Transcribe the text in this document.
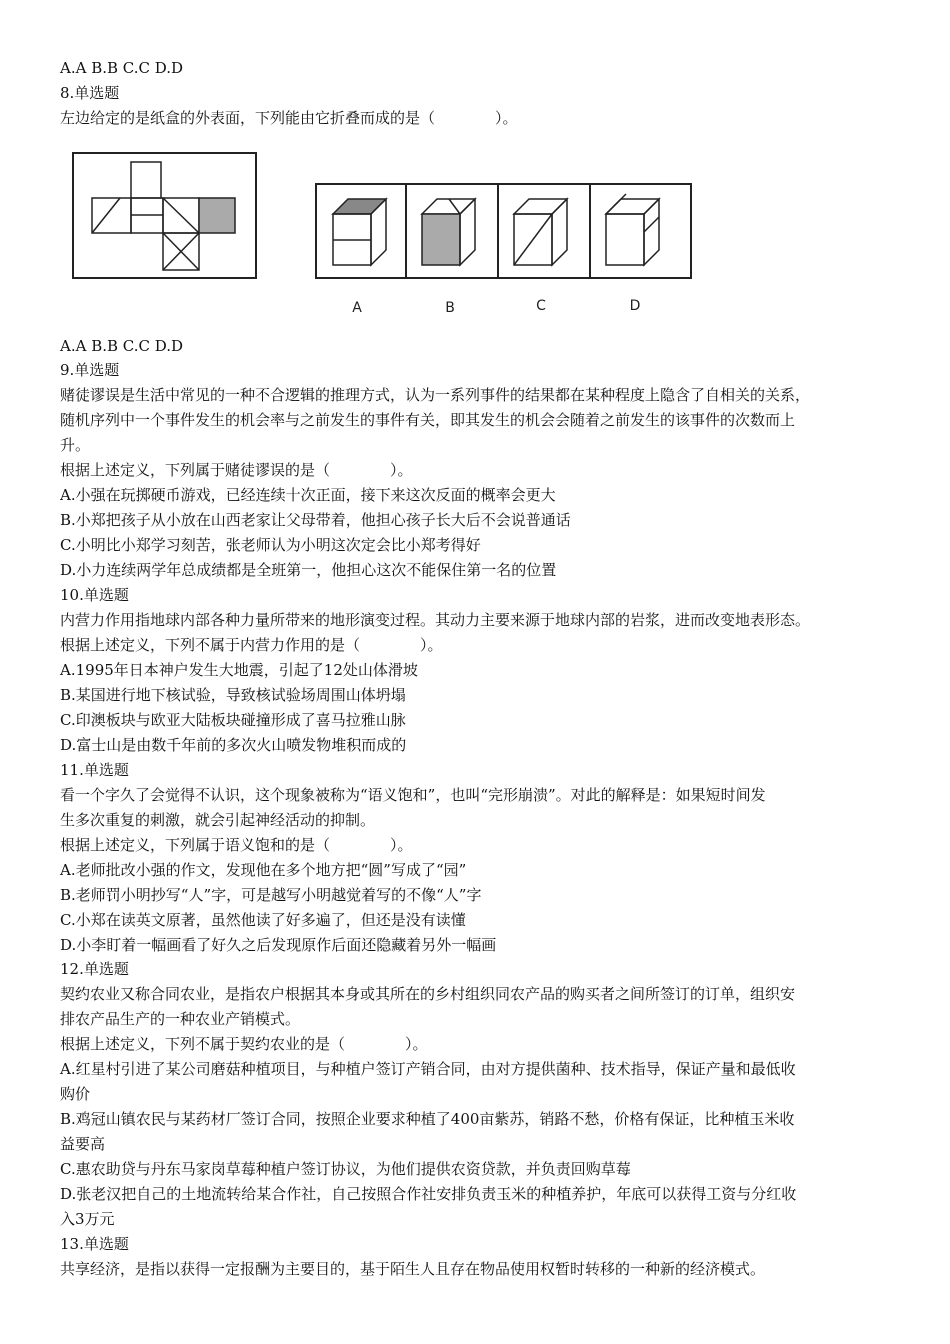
A.A B.B C.C D.D
8.单选题
左边给定的是纸盒的外表面，下列能由它折叠而成的是（　　　　）。
A	B	C	D
A.A B.B C.C D.D
9.单选题
赌徒谬误是生活中常见的一种不合逻辑的推理方式，认为一系列事件的结果都在某种程度上隐含了自相关的关系，
随机序列中一个事件发生的机会率与之前发生的事件有关，即其发生的机会会随着之前发生的该事件的次数而上
升。
根据上述定义，下列属于赌徒谬误的是（　　　　）。
A.小强在玩掷硬币游戏，已经连续十次正面，接下来这次反面的概率会更大
B.小郑把孩子从小放在山西老家让父母带着，他担心孩子长大后不会说普通话
C.小明比小郑学习刻苦，张老师认为小明这次定会比小郑考得好
D.小力连续两学年总成绩都是全班第一，他担心这次不能保住第一名的位置
10.单选题
内营力作用指地球内部各种力量所带来的地形演变过程。其动力主要来源于地球内部的岩浆，进而改变地表形态。
根据上述定义，下列不属于内营力作用的是（　　　　）。
A.1995年日本神户发生大地震，引起了12处山体滑坡
B.某国进行地下核试验，导致核试验场周围山体坍塌
C.印澳板块与欧亚大陆板块碰撞形成了喜马拉雅山脉
D.富士山是由数千年前的多次火山喷发物堆积而成的
11.单选题
看一个字久了会觉得不认识，这个现象被称为“语义饱和”，也叫“完形崩溃”。对此的解释是：如果短时间发
生多次重复的刺激，就会引起神经活动的抑制。
根据上述定义，下列属于语义饱和的是（　　　　）。
A.老师批改小强的作文，发现他在多个地方把“圆”写成了“园”
B.老师罚小明抄写“人”字，可是越写小明越觉着写的不像“人”字
C.小郑在读英文原著，虽然他读了好多遍了，但还是没有读懂
D.小李盯着一幅画看了好久之后发现原作后面还隐藏着另外一幅画
12.单选题
契约农业又称合同农业，是指农户根据其本身或其所在的乡村组织同农产品的购买者之间所签订的订单，组织安
排农产品生产的一种农业产销模式。
根据上述定义，下列不属于契约农业的是（　　　　）。
A.红星村引进了某公司磨菇种植项目，与种植户签订产销合同，由对方提供菌种、技术指导，保证产量和最低收
购价
B.鸡冠山镇农民与某药材厂签订合同，按照企业要求种植了400亩紫苏，销路不愁，价格有保证，比种植玉米收
益要高
C.惠农助贷与丹东马家岗草莓种植户签订协议，为他们提供农资贷款，并负责回购草莓
D.张老汉把自己的土地流转给某合作社，自己按照合作社安排负责玉米的种植养护，年底可以获得工资与分红收
入3万元
13.单选题
共享经济，是指以获得一定报酬为主要目的，基于陌生人且存在物品使用权暂时转移的一种新的经济模式。
